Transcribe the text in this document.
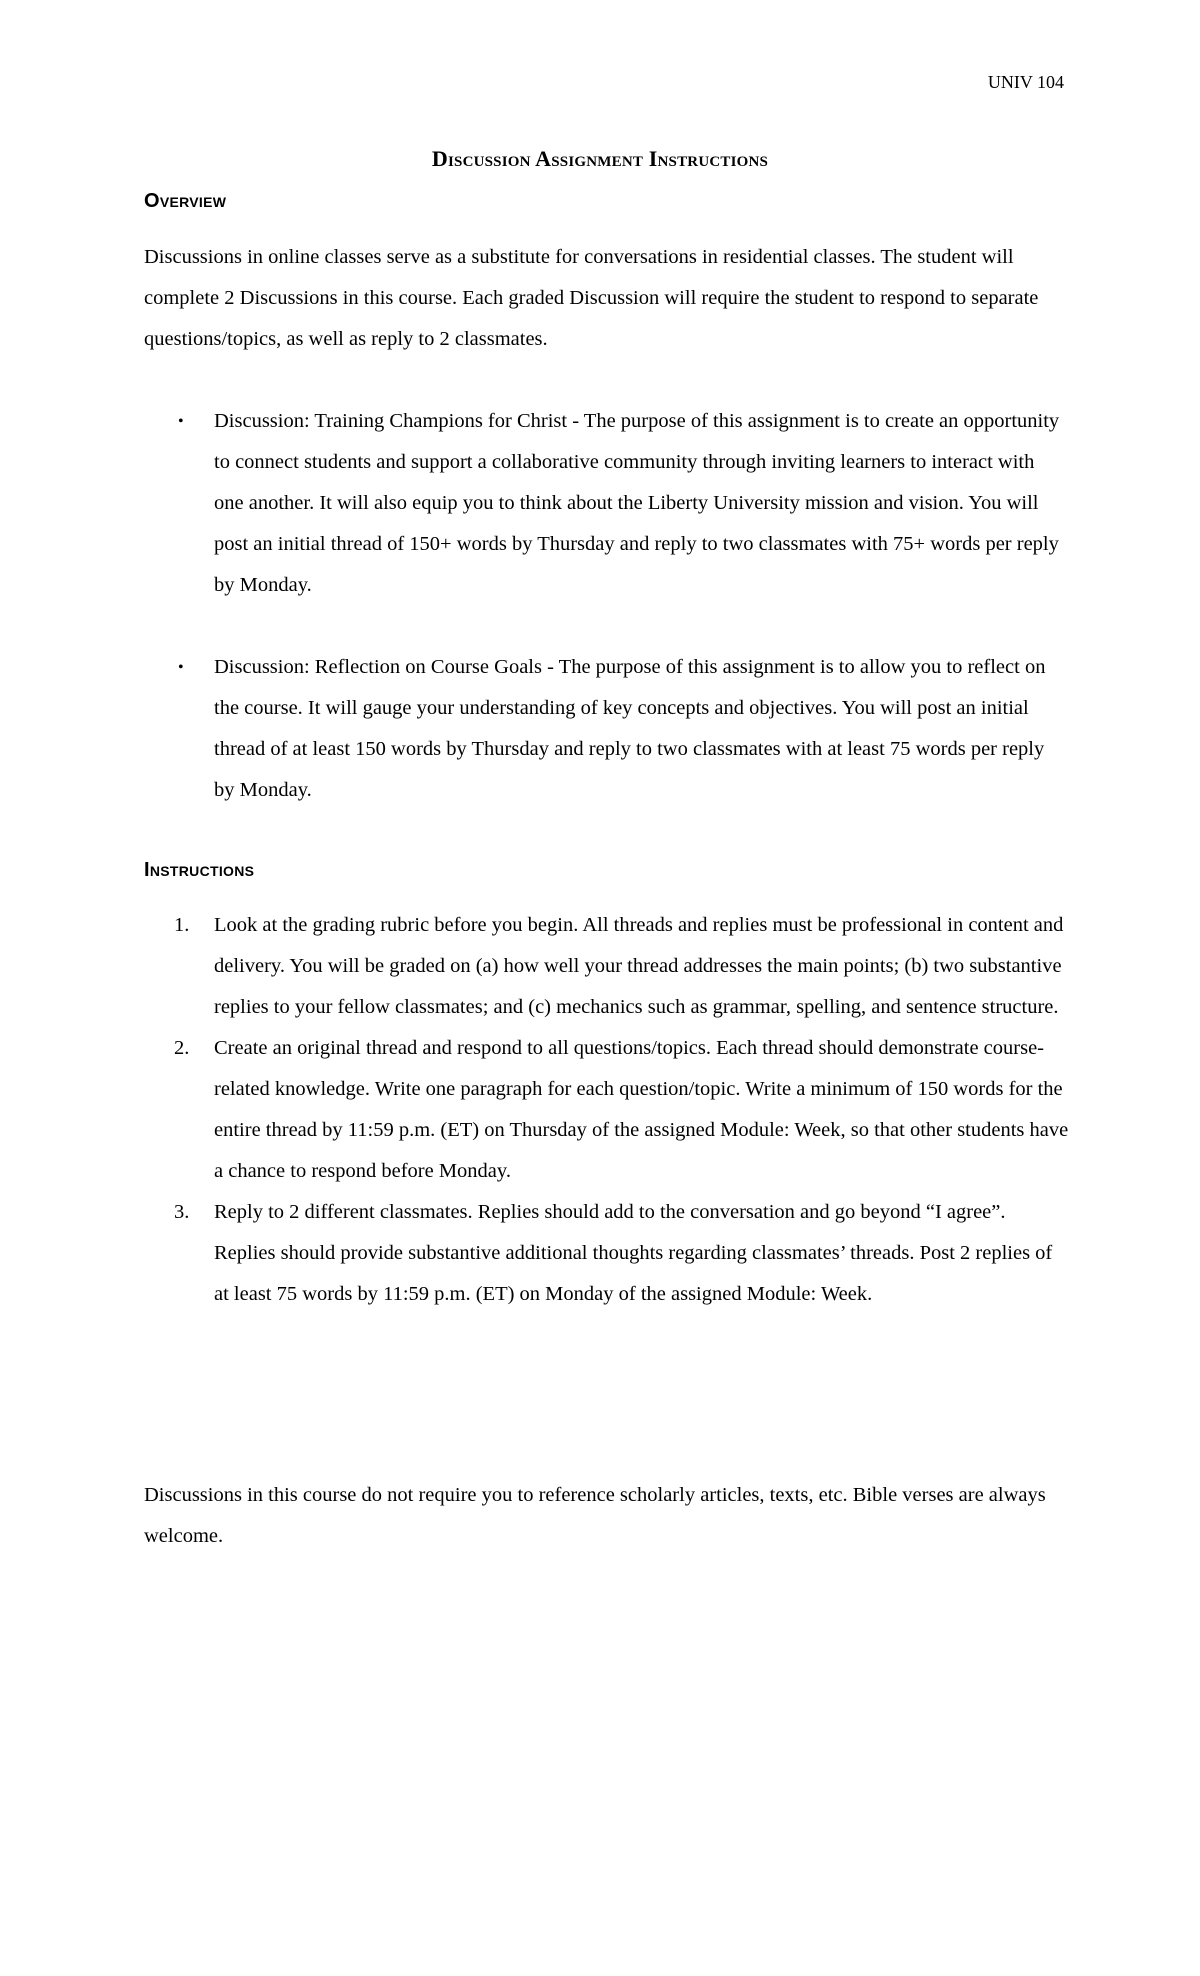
UNIV 104
Discussion Assignment Instructions
Overview
Discussions in online classes serve as a substitute for conversations in residential classes. The student will complete 2 Discussions in this course. Each graded Discussion will require the student to respond to separate questions/topics, as well as reply to 2 classmates.
• Discussion: Training Champions for Christ - The purpose of this assignment is to create an opportunity to connect students and support a collaborative community through inviting learners to interact with one another. It will also equip you to think about the Liberty University mission and vision. You will post an initial thread of 150+ words by Thursday and reply to two classmates with 75+ words per reply by Monday.
• Discussion: Reflection on Course Goals - The purpose of this assignment is to allow you to reflect on the course. It will gauge your understanding of key concepts and objectives. You will post an initial thread of at least 150 words by Thursday and reply to two classmates with at least 75 words per reply by Monday.
Instructions
1. Look at the grading rubric before you begin. All threads and replies must be professional in content and delivery. You will be graded on (a) how well your thread addresses the main points; (b) two substantive replies to your fellow classmates; and (c) mechanics such as grammar, spelling, and sentence structure.
2. Create an original thread and respond to all questions/topics. Each thread should demonstrate course-related knowledge. Write one paragraph for each question/topic. Write a minimum of 150 words for the entire thread by 11:59 p.m. (ET) on Thursday of the assigned Module: Week, so that other students have a chance to respond before Monday.
3. Reply to 2 different classmates. Replies should add to the conversation and go beyond “I agree”. Replies should provide substantive additional thoughts regarding classmates’ threads. Post 2 replies of at least 75 words by 11:59 p.m. (ET) on Monday of the assigned Module: Week.
Discussions in this course do not require you to reference scholarly articles, texts, etc. Bible verses are always welcome.
